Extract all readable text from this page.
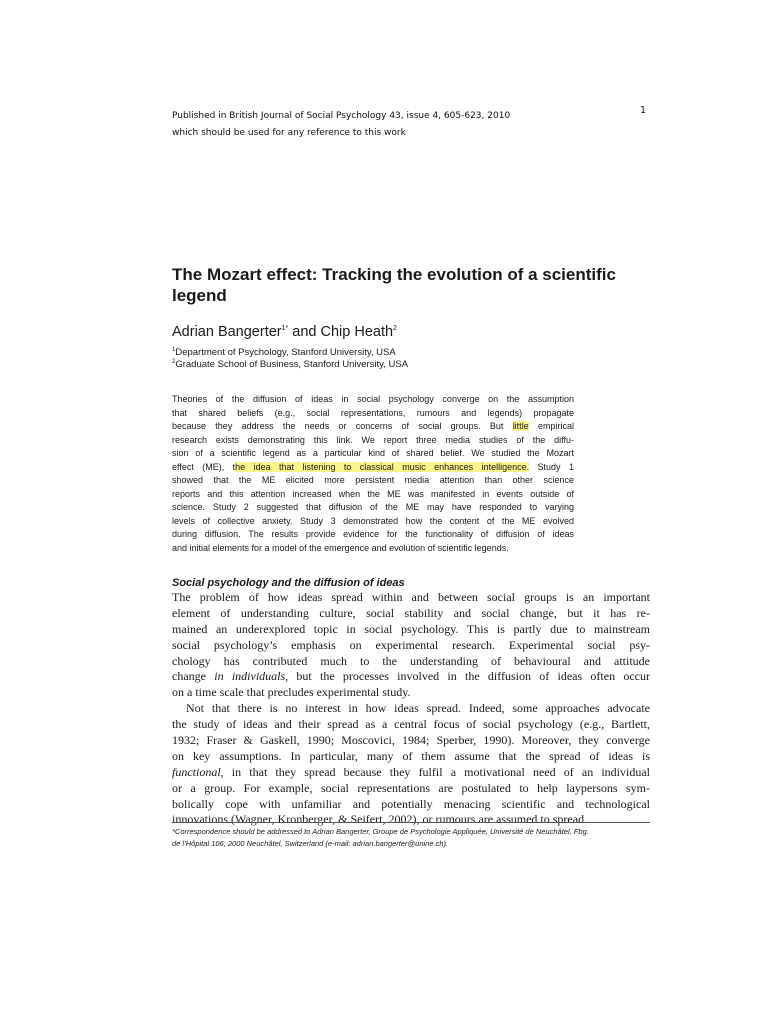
Published in British Journal of Social Psychology 43, issue 4, 605-623, 2010
which should be used for any reference to this work
1
The Mozart effect: Tracking the evolution of a scientific
legend
Adrian Bangerter$^{1*}$ and Chip Heath$^2$
$^1$Department of Psychology, Stanford University, USA
$^2$Graduate School of Business, Stanford University, USA
Theories of the diffusion of ideas in social psychology converge on the assumption
that shared beliefs (e.g., social representations, rumours and legends) propagate
because they address the needs or concerns of social groups. But little empirical
research exists demonstrating this link. We report three media studies of the diffu-
sion of a scientific legend as a particular kind of shared belief. We studied the Mozart
effect (ME), the idea that listening to classical music enhances intelligence. Study 1
showed that the ME elicited more persistent media attention than other science
reports and this attention increased when the ME was manifested in events outside of
science. Study 2 suggested that diffusion of the ME may have responded to varying
levels of collective anxiety. Study 3 demonstrated how the content of the ME evolved
during diffusion. The results provide evidence for the functionality of diffusion of ideas
and initial elements for a model of the emergence and evolution of scientific legends.
Social psychology and the diffusion of ideas
The problem of how ideas spread within and between social groups is an important
element of understanding culture, social stability and social change, but it has re-
mained an underexplored topic in social psychology. This is partly due to mainstream
social psychology’s emphasis on experimental research. Experimental social psy-
chology has contributed much to the understanding of behavioural and attitude
change in individuals, but the processes involved in the diffusion of ideas often occur
on a time scale that precludes experimental study.
Not that there is no interest in how ideas spread. Indeed, some approaches advocate
the study of ideas and their spread as a central focus of social psychology (e.g., Bartlett,
1932; Fraser & Gaskell, 1990; Moscovici, 1984; Sperber, 1990). Moreover, they converge
on key assumptions. In particular, many of them assume that the spread of ideas is
functional, in that they spread because they fulfil a motivational need of an individual
or a group. For example, social representations are postulated to help laypersons sym-
bolically cope with unfamiliar and potentially menacing scientific and technological
innovations (Wagner, Kronberger, & Seifert, 2002), or rumours are assumed to spread
*Correspondence should be addressed to Adrian Bangerter, Groupe de Psychologie Appliquée, Université de Neuchâtel, Fbg.
de l’Hôpital 106, 2000 Neuchâtel, Switzerland (e-mail: adrian.bangerter@unine.ch).
